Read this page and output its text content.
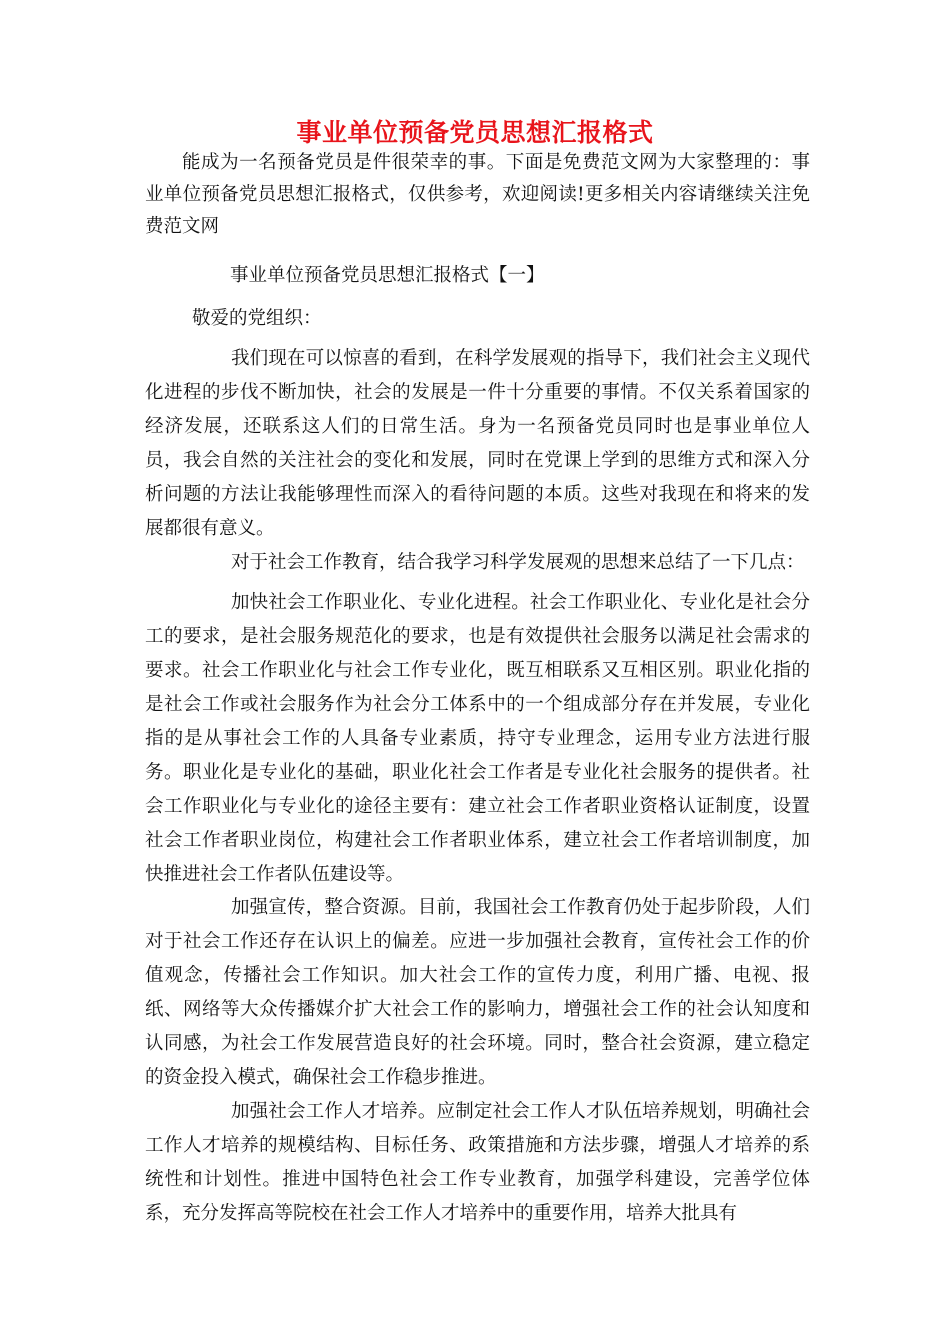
事业单位预备党员思想汇报格式

能成为一名预备党员是件很荣幸的事。下面是免费范文网为大家整理的：事业单位预备党员思想汇报格式，仅供参考，欢迎阅读!更多相关内容请继续关注免费范文网

事业单位预备党员思想汇报格式【一】

敬爱的党组织：

我们现在可以惊喜的看到，在科学发展观的指导下，我们社会主义现代化进程的步伐不断加快，社会的发展是一件十分重要的事情。不仅关系着国家的经济发展，还联系这人们的日常生活。身为一名预备党员同时也是事业单位人员，我会自然的关注社会的变化和发展，同时在党课上学到的思维方式和深入分析问题的方法让我能够理性而深入的看待问题的本质。这些对我现在和将来的发展都很有意义。

对于社会工作教育，结合我学习科学发展观的思想来总结了一下几点：

加快社会工作职业化、专业化进程。社会工作职业化、专业化是社会分工的要求，是社会服务规范化的要求，也是有效提供社会服务以满足社会需求的要求。社会工作职业化与社会工作专业化，既互相联系又互相区别。职业化指的是社会工作或社会服务作为社会分工体系中的一个组成部分存在并发展，专业化指的是从事社会工作的人具备专业素质，持守专业理念，运用专业方法进行服务。职业化是专业化的基础，职业化社会工作者是专业化社会服务的提供者。社会工作职业化与专业化的途径主要有：建立社会工作者职业资格认证制度，设置社会工作者职业岗位，构建社会工作者职业体系，建立社会工作者培训制度，加快推进社会工作者队伍建设等。

加强宣传，整合资源。目前，我国社会工作教育仍处于起步阶段，人们对于社会工作还存在认识上的偏差。应进一步加强社会教育，宣传社会工作的价值观念，传播社会工作知识。加大社会工作的宣传力度，利用广播、电视、报纸、网络等大众传播媒介扩大社会工作的影响力，增强社会工作的社会认知度和认同感，为社会工作发展营造良好的社会环境。同时，整合社会资源，建立稳定的资金投入模式，确保社会工作稳步推进。

加强社会工作人才培养。应制定社会工作人才队伍培养规划，明确社会工作人才培养的规模结构、目标任务、政策措施和方法步骤，增强人才培养的系统性和计划性。推进中国特色社会工作专业教育，加强学科建设，完善学位体系，充分发挥高等院校在社会工作人才培养中的重要作用，培养大批具有
